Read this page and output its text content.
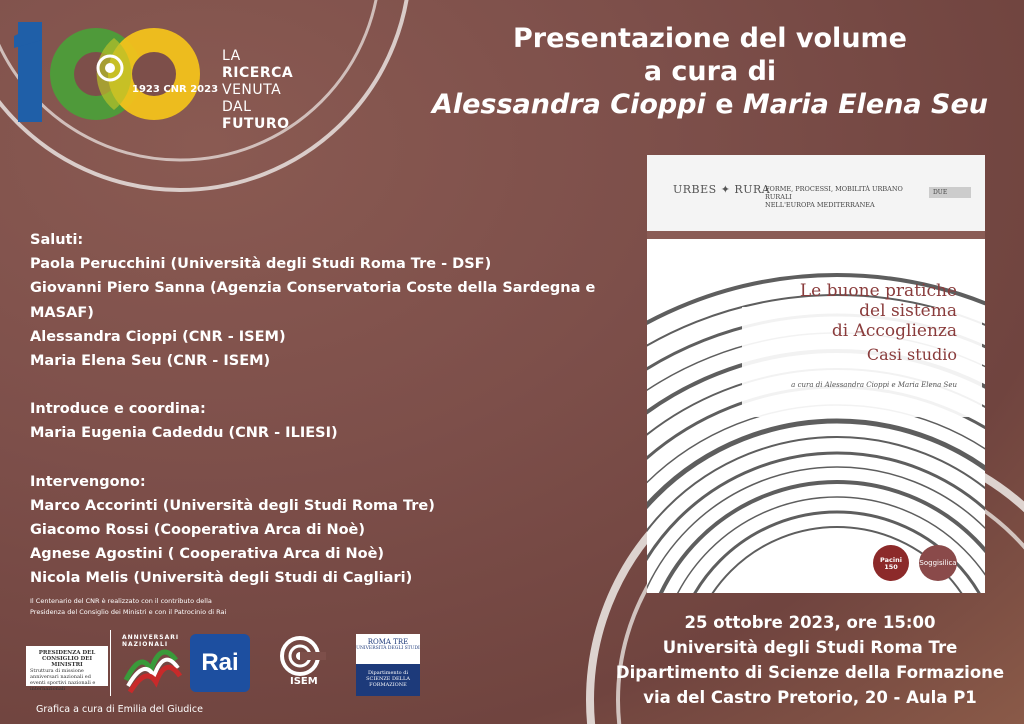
1923 CNR 2023
LA
RICERCA
VENUTA
DAL
FUTURO
Presentazione del volume
a cura di
Alessandra Cioppi e Maria Elena Seu
Saluti:
Paola Perucchini (Università degli Studi Roma Tre - DSF)
Giovanni Piero Sanna (Agenzia Conservatoria Coste della Sardegna e MASAF)
Alessandra Cioppi (CNR - ISEM)
Maria Elena Seu (CNR - ISEM)
Introduce e coordina:
Maria Eugenia Cadeddu (CNR - ILIESI)
Intervengono:
Marco Accorinti (Università degli Studi Roma Tre)
Giacomo Rossi (Cooperativa Arca di Noè)
Agnese Agostini ( Cooperativa Arca di Noè)
Nicola Melis (Università degli Studi di Cagliari)
URBES ✦ RURA
FORME, PROCESSI, MOBILITÀ URBANO RURALI
NELL'EUROPA MEDITERRANEA
DUE
Le buone pratiche
del sistema
di Accoglienza
Casi studio
a cura di Alessandra Cioppi e Maria Elena Seu
Pacini
150	Soggisilica
25 ottobre 2023, ore 15:00
Università degli Studi Roma Tre
Dipartimento di Scienze della Formazione
via del Castro Pretorio, 20 - Aula P1
Il Centenario del CNR è realizzato con il contributo della
Presidenza del Consiglio dei Ministri e con il Patrocinio di Rai
PRESIDENZA DEL CONSIGLIO DEI MINISTRI
Struttura di missione anniversari nazionali ed eventi sportivi nazionali e internazionali
ANNIVERSARI NAZIONALI
Rai
ISEM
ROMA TRE
UNIVERSITÀ DEGLI STUDI
Dipartimento di
SCIENZE DELLA
FORMAZIONE
Grafica a cura di Emilia del Giudice
